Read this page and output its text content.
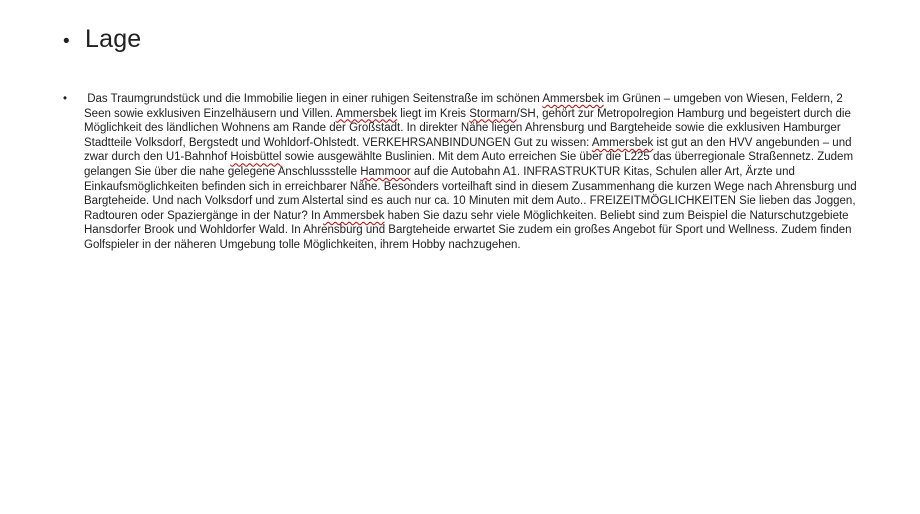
• Lage
•	Das Traumgrundstück und die Immobilie liegen in einer ruhigen Seitenstraße im schönen Ammersbek im Grünen – umgeben von Wiesen, Feldern, 2 Seen sowie exklusiven Einzelhäusern und Villen. Ammersbek liegt im Kreis Stormarn/SH, gehört zur Metropolregion Hamburg und begeistert durch die Möglichkeit des ländlichen Wohnens am Rande der Großstadt. In direkter Nähe liegen Ahrensburg und Bargteheide sowie die exklusiven Hamburger Stadtteile Volksdorf, Bergstedt und Wohldorf-Ohlstedt. VERKEHRSANBINDUNGEN Gut zu wissen: Ammersbek ist gut an den HVV angebunden – und zwar durch den U1-Bahnhof Hoisbüttel sowie ausgewählte Buslinien. Mit dem Auto erreichen Sie über die L225 das überregionale Straßennetz. Zudem gelangen Sie über die nahe gelegene Anschlussstelle Hammoor auf die Autobahn A1. INFRASTRUKTUR Kitas, Schulen aller Art, Ärzte und Einkaufsmöglichkeiten befinden sich in erreichbarer Nähe. Besonders vorteilhaft sind in diesem Zusammenhang die kurzen Wege nach Ahrensburg und Bargteheide. Und nach Volksdorf und zum Alstertal sind es auch nur ca. 10 Minuten mit dem Auto.. FREIZEITMÖGLICHKEITEN Sie lieben das Joggen, Radtouren oder Spaziergänge in der Natur? In Ammersbek haben Sie dazu sehr viele Möglichkeiten. Beliebt sind zum Beispiel die Naturschutzgebiete Hansdorfer Brook und Wohldorfer Wald. In Ahrensburg und Bargteheide erwartet Sie zudem ein großes Angebot für Sport und Wellness. Zudem finden Golfspieler in der näheren Umgebung tolle Möglichkeiten, ihrem Hobby nachzugehen.
